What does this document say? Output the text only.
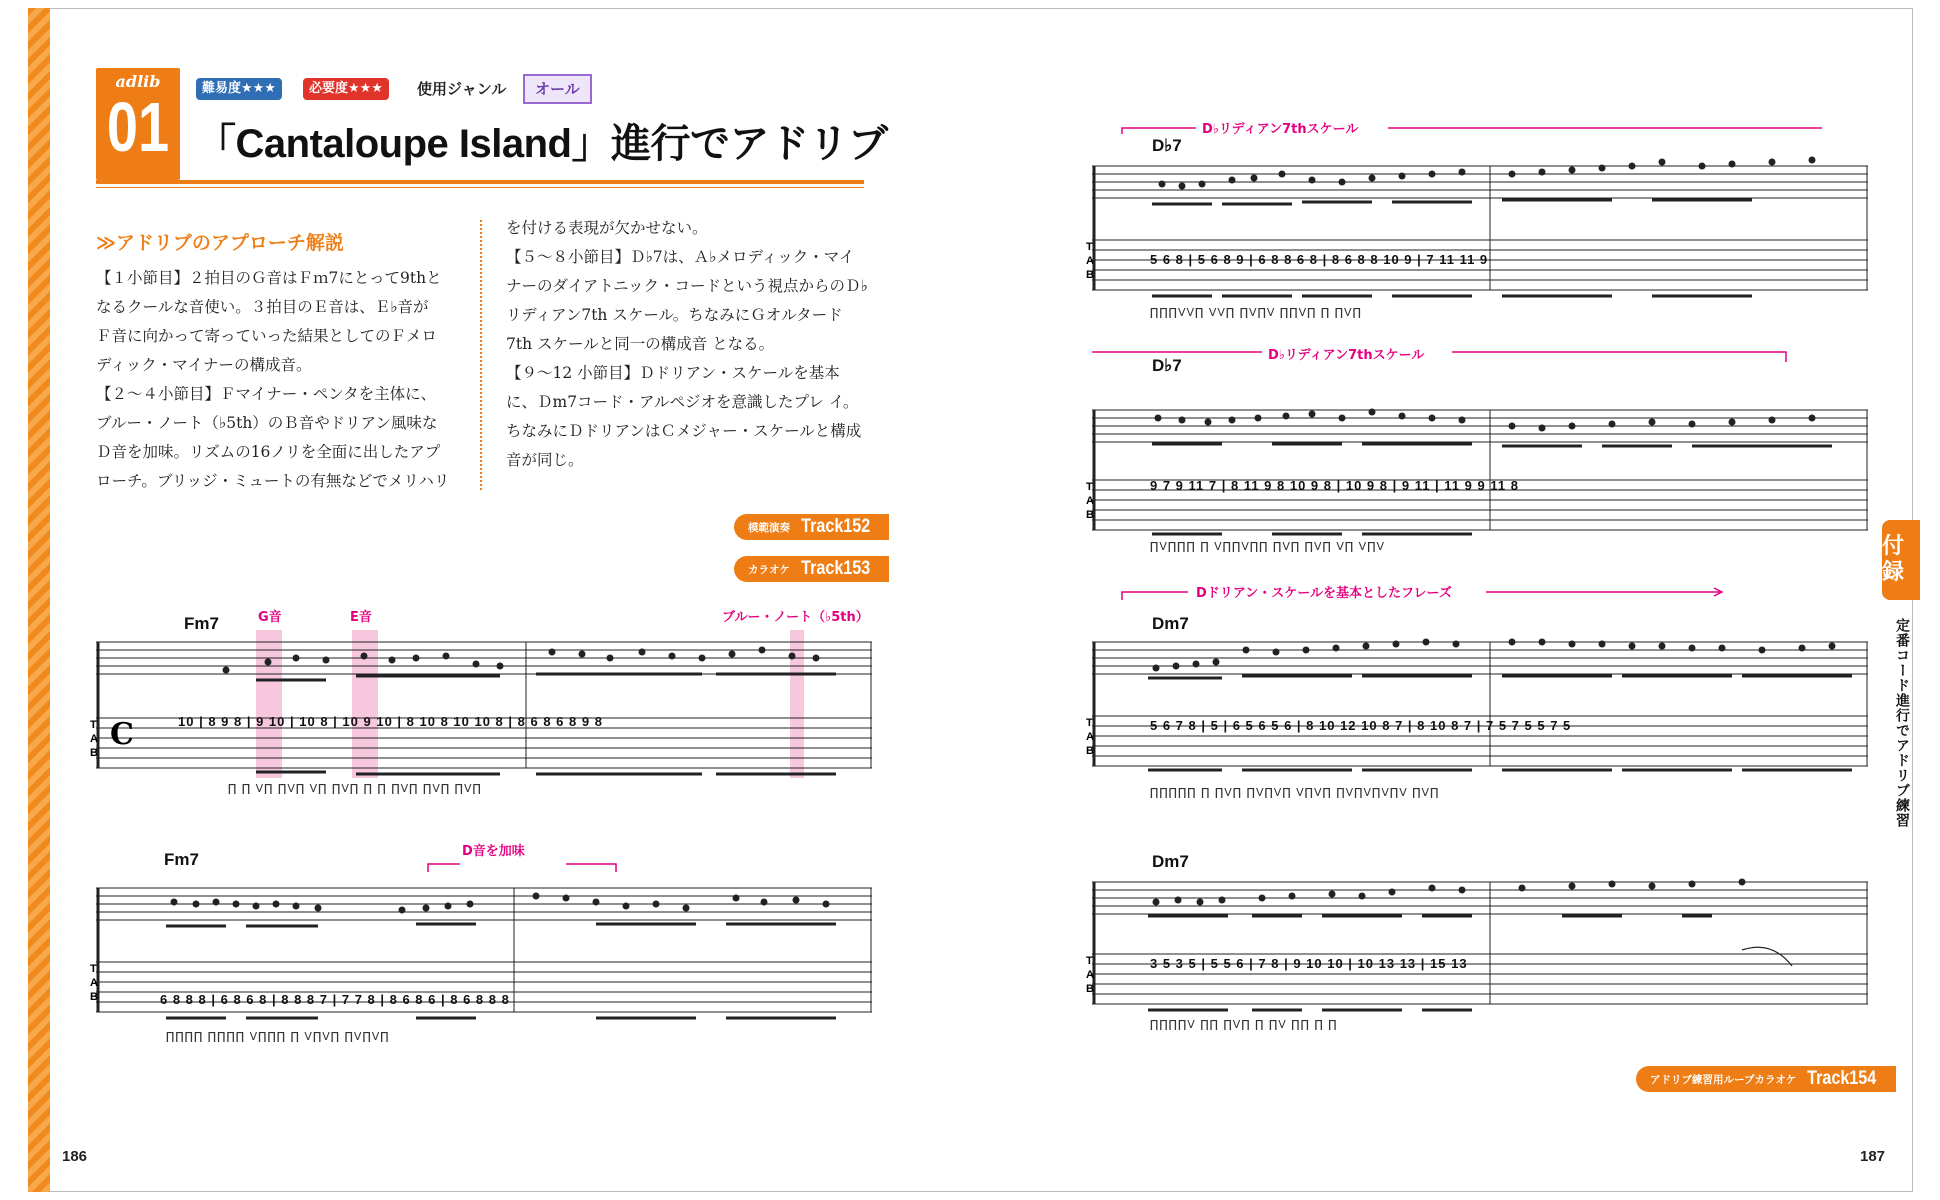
adlib
01	難易度★★★	必要度★★★	使用ジャンル	オール
「Cantaloupe Island」進行でアドリブ
≫アドリブのアプローチ解説

【１小節目】２拍目のＧ音はＦｍ7にとって9thと

なるクールな音使い。３拍目のＥ音は、Ｅ♭音が

Ｆ音に向かって寄っていった結果としてのＦメロ

ディック・マイナーの構成音。

【２～４小節目】Ｆマイナー・ペンタを主体に、

ブルー・ノート（♭5th）のＢ音やドリアン風味な

Ｄ音を加味。リズムの16ノリを全面に出したアプ

ローチ。ブリッジ・ミュートの有無などでメリハリ

を付ける表現が欠かせない。

【５～８小節目】Ｄ♭7は、Ａ♭メロディック・マイ

ナーのダイアトニック・コードという視点からのＤ♭

リディアン7th スケール。ちなみにＧオルタード

7th スケールと同一の構成音 となる。

【９～12 小節目】Ｄドリアン・スケールを基本

に、Ｄm7コード・アルペジオを意識したプレ イ。

ちなみにＤドリアンはＣメジャー・スケールと構成

音が同じ。

模範演奏 Track152
カラオケ Track153
アドリブ練習用ループカラオケ Track154
Fm7	G音	E音	ブルー・ノート（♭5th）
C
T
A
B
10 | 8 9 8 | 9 10 | 10 8 | 10 9 10 | 8 10 8 10 10 8 | 8 6 8 6 8 9 8
∏ ∏ V∏ ∏V∏ V∏ ∏V∏ ∏ ∏ ∏V∏ ∏V∏ ∏V∏
Fm7	D音を加味
T
A
B	6 8 8 8 | 6 8 6 8 | 8 8 8 7 | 7 7 8 | 8 6 8 6 | 8 6 8 8 8
∏∏∏∏ ∏∏∏∏ V∏∏∏ ∏ V∏V∏ ∏V∏V∏
D♭リディアン7thスケール
D♭7
T
A
B
5 6 8 | 5 6 8 9 | 6 8 8 6 8 | 8 6 8 8 10 9 | 7 11 11 9
∏∏∏VV∏ VV∏ ∏V∏V ∏∏V∏ ∏ ∏V∏
D♭リディアン7thスケール
D♭7
T
A
B
9 7 9 11 7 | 8 11 9 8 10 9 8 | 10 9 8 | 9 11 | 11 9 9 11 8
∏V∏∏∏ ∏ V∏∏V∏∏ ∏V∏ ∏V∏ V∏ V∏V
Dドリアン・スケールを基本としたフレーズ
Dm7
T
A
B
5 6 7 8 | 5 | 6 5 6 5 6 | 8 10 12 10 8 7 | 8 10 8 7 | 7 5 7 5 5 7 5
∏∏∏∏∏ ∏ ∏V∏ ∏V∏V∏ V∏V∏ ∏V∏V∏V∏V ∏V∏
Dm7
T
A
B
3 5 3 5 | 5 5 6 | 7 8 | 9 10 10 | 10 13 13 | 15 13
∏∏∏∏V ∏∏ ∏V∏ ∏ ∏V ∏∏ ∏ ∏
付録
定番コード進行でアドリブ練習
186	187
